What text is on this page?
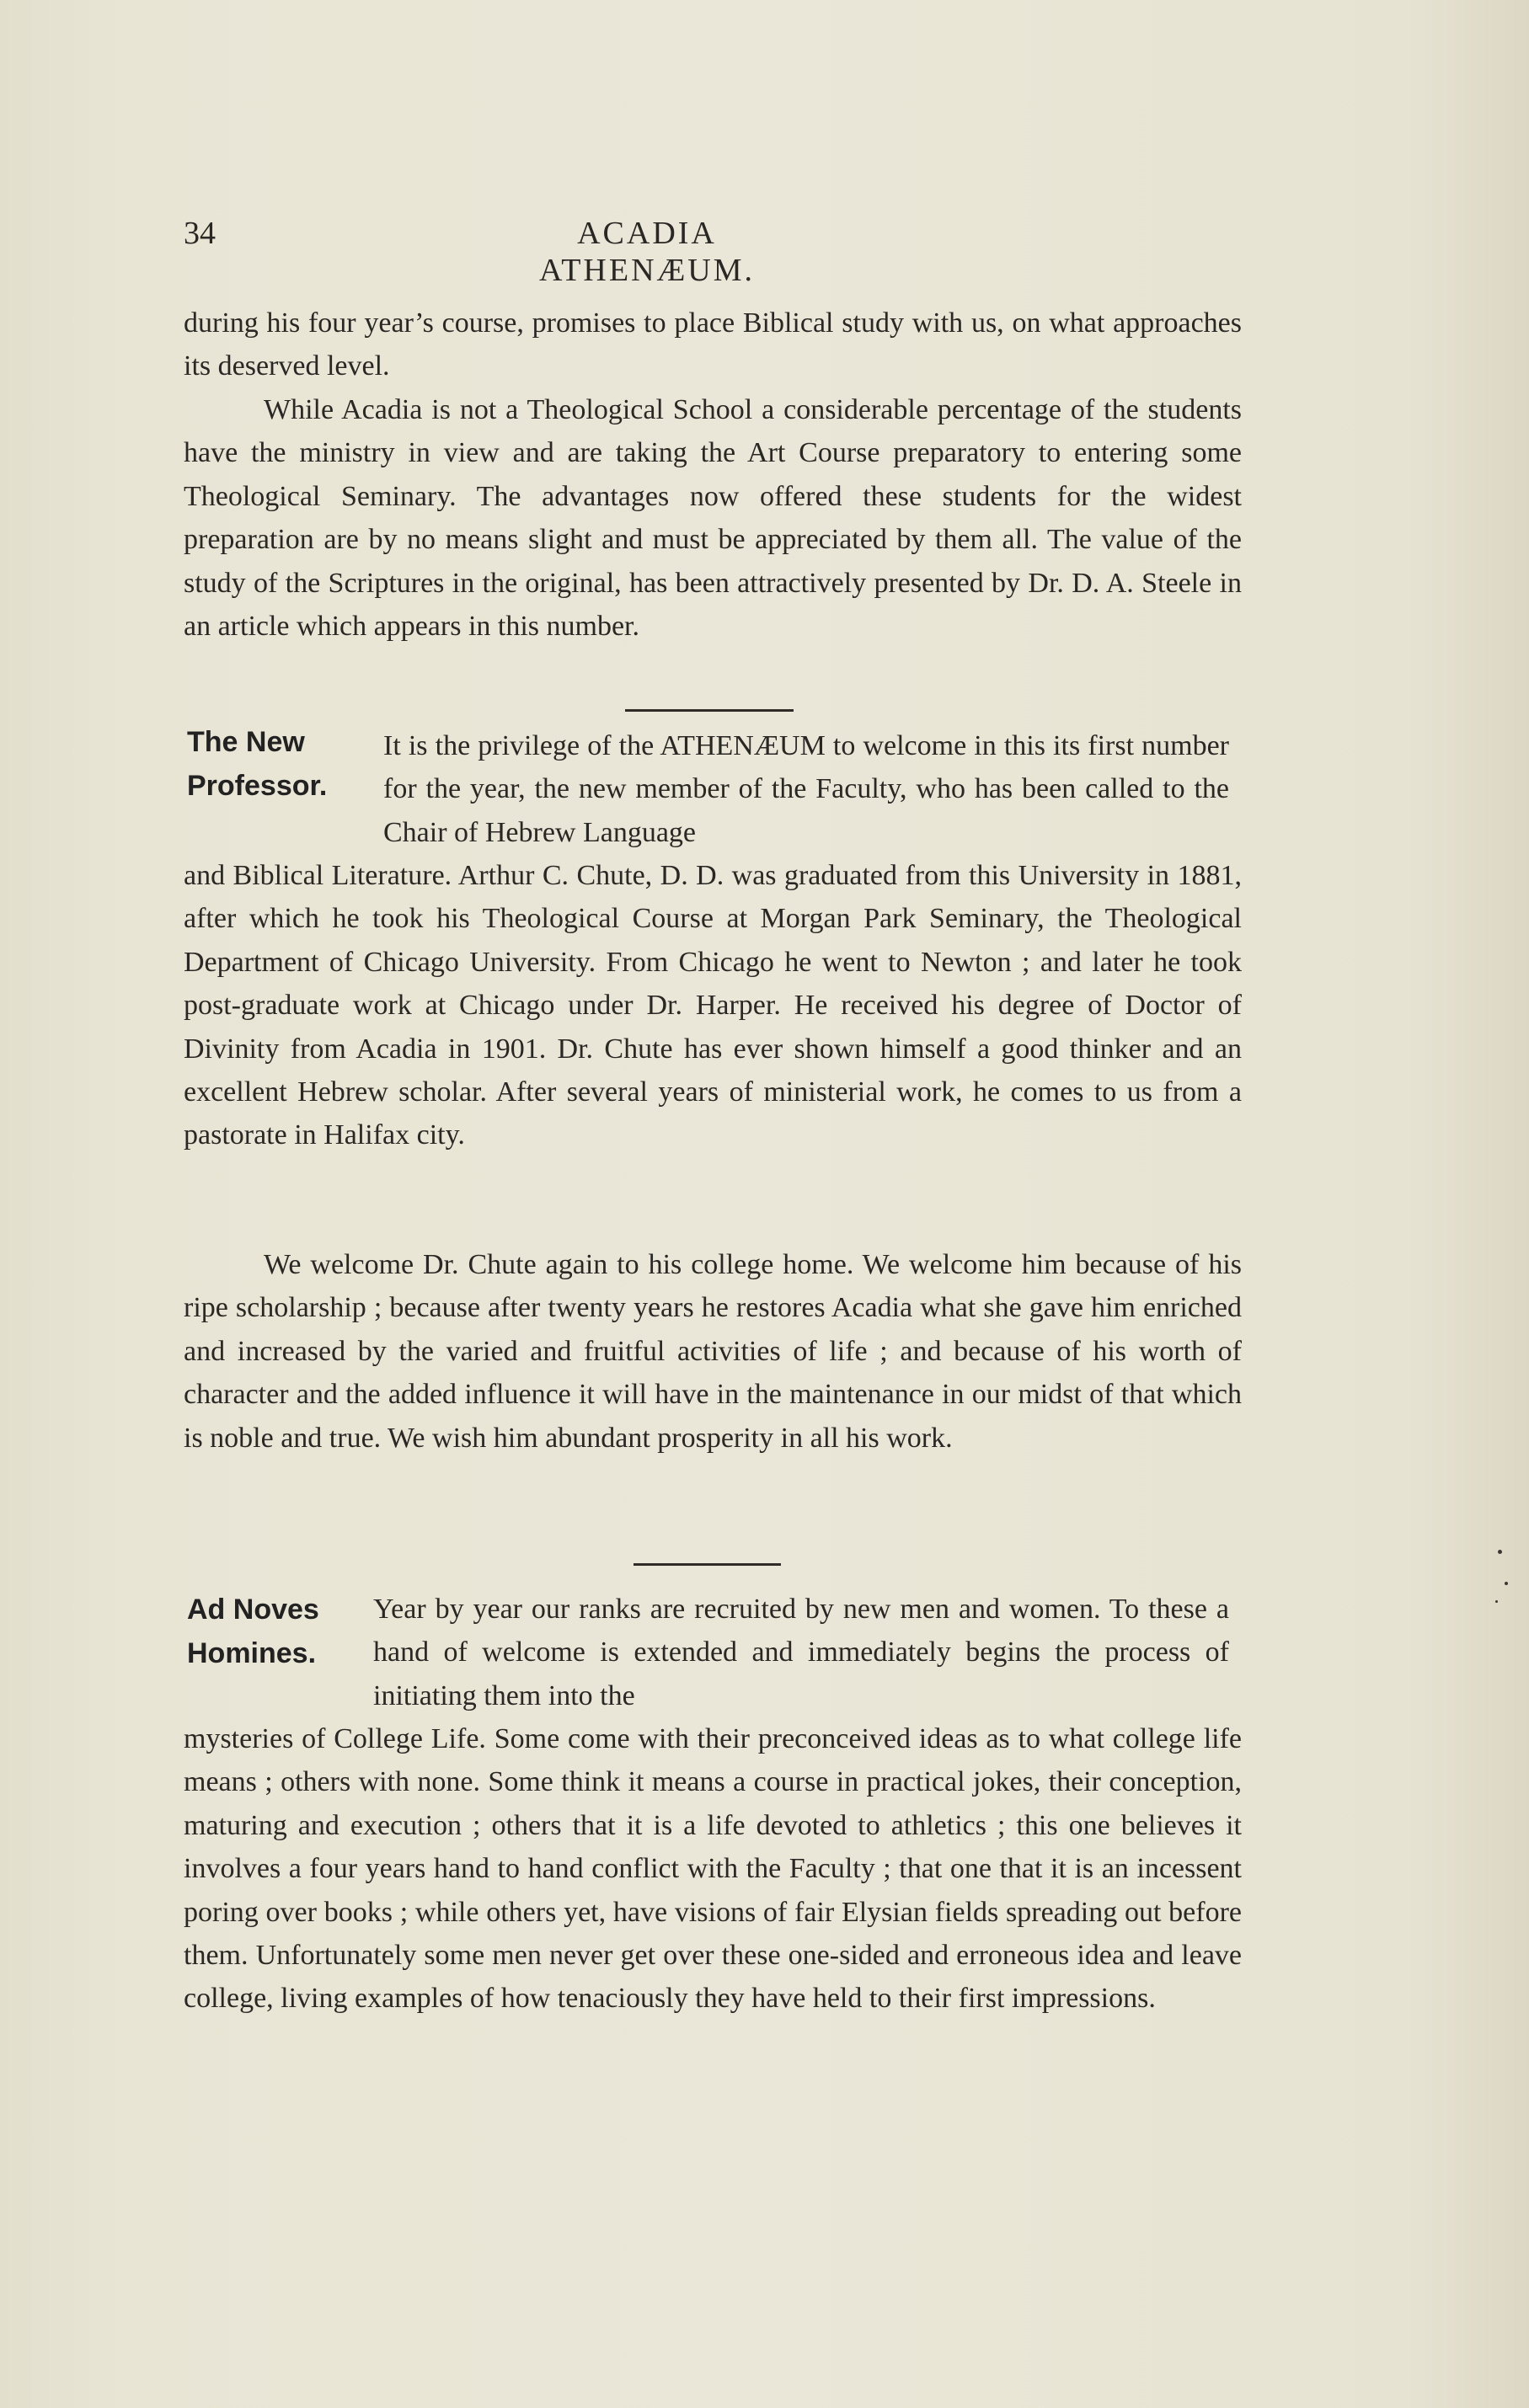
34	ACADIA ATHENÆUM.

during his four year’s course, promises to place Biblical study with us, on what approaches its deserved level.

While Acadia is not a Theological School a considerable percentage of the students have the ministry in view and are taking the Art Course preparatory to entering some Theological Seminary. The advantages now offered these students for the widest preparation are by no means slight and must be appreciated by them all. The value of the study of the Scriptures in the original, has been attractively presented by Dr. D. A. Steele in an article which appears in this number.

The New
Professor.

It is the privilege of the ATHENÆUM to welcome in this its first number for the year, the new member of the Faculty, who has been called to the Chair of Hebrew Language

and Biblical Literature. Arthur C. Chute, D. D. was graduated from this University in 1881, after which he took his Theological Course at Morgan Park Seminary, the Theological Department of Chicago University. From Chicago he went to Newton ; and later he took post-graduate work at Chicago under Dr. Harper. He received his degree of Doctor of Divinity from Acadia in 1901. Dr. Chute has ever shown himself a good thinker and an excellent Hebrew scholar. After several years of ministerial work, he comes to us from a pastorate in Halifax city.

We welcome Dr. Chute again to his college home. We welcome him because of his ripe scholarship ; because after twenty years he restores Acadia what she gave him enriched and increased by the varied and fruitful activities of life ; and because of his worth of character and the added influence it will have in the maintenance in our midst of that which is noble and true. We wish him abundant prosperity in all his work.

Ad Noves
Homines.

Year by year our ranks are recruited by new men and women. To these a hand of welcome is extended and immediately begins the process of initiating them into the

mysteries of College Life. Some come with their preconceived ideas as to what college life means ; others with none. Some think it means a course in practical jokes, their conception, maturing and execution ; others that it is a life devoted to athletics ; this one believes it involves a four years hand to hand conflict with the Faculty ; that one that it is an incessent poring over books ; while others yet, have visions of fair Elysian fields spreading out before them. Unfortunately some men never get over these one-sided and erroneous idea and leave college, living examples of how tenaciously they have held to their first impressions.
